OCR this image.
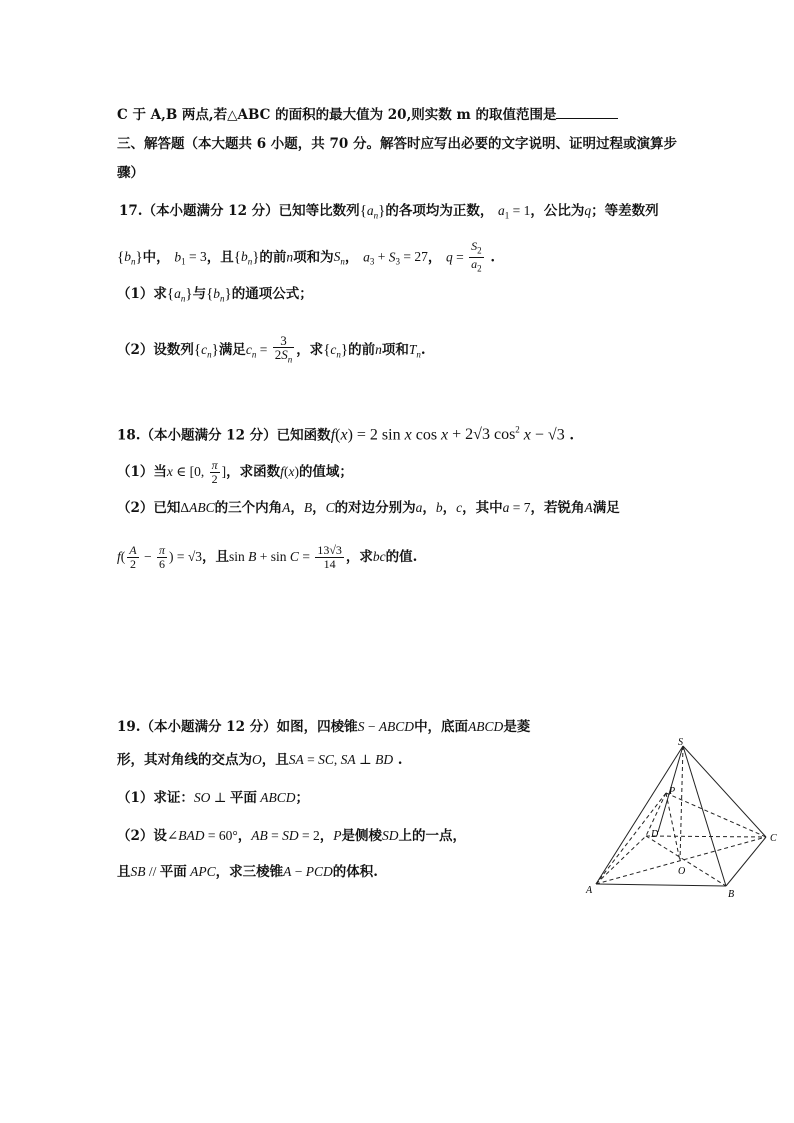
C 于 A,B 两点,若△ABC 的面积的最大值为 20,则实数 m 的取值范围是
三、解答题（本大题共 6 小题，共 70 分。解答时应写出必要的文字说明、证明过程或演算步
骤）
17.（本小题满分 12 分）已知等比数列$\{a_n\}$的各项均为正数， $a_1 = 1$，公比为q；等差数列
$\{b_n\}$中， $b_1 = 3$，且$\{b_n\}$的前n项和为$S_n$， $a_3 + S_3 = 27$， $q = \frac{S_2}{a_2}$ .
（1）求$\{a_n\}$与$\{b_n\}$的通项公式；
（2）设数列$\{c_n\}$满足$c_n = \frac{3}{2S_n}$ ，求$\{c_n\}$的前n项和$T_n$.
18.（本小题满分 12 分）已知函数f(x) = 2 sin x cos x + 2√3 $\cos^2 x - √3$ .
（1）当x ∈ [0, $\frac{\pi}{2}$ ]，求函数f(x)的值域；
（2）已知ΔABC的三个内角A，B，C的对边分别为a，b，c，其中a = 7，若锐角A满足
$f( \frac{A}{2} - \frac{\pi}{6}$ ) = √3，且$\sin B + \sin C = \frac{13√3}{14}$ ，求bc的值.
19.（本小题满分 12 分）如图，四棱锥S − ABCD中，底面ABCD是菱
形，其对角线的交点为O，且SA = SC, SA ⊥ BD .
（1）求证：SO ⊥ 平面 ABCD；
（2）设∠BAD = 60°，AB = SD = 2，P是侧棱SD上的一点，
且SB // 平面 APC，求三棱锥A − PCD的体积.
S
P
D	C
O
A	B
